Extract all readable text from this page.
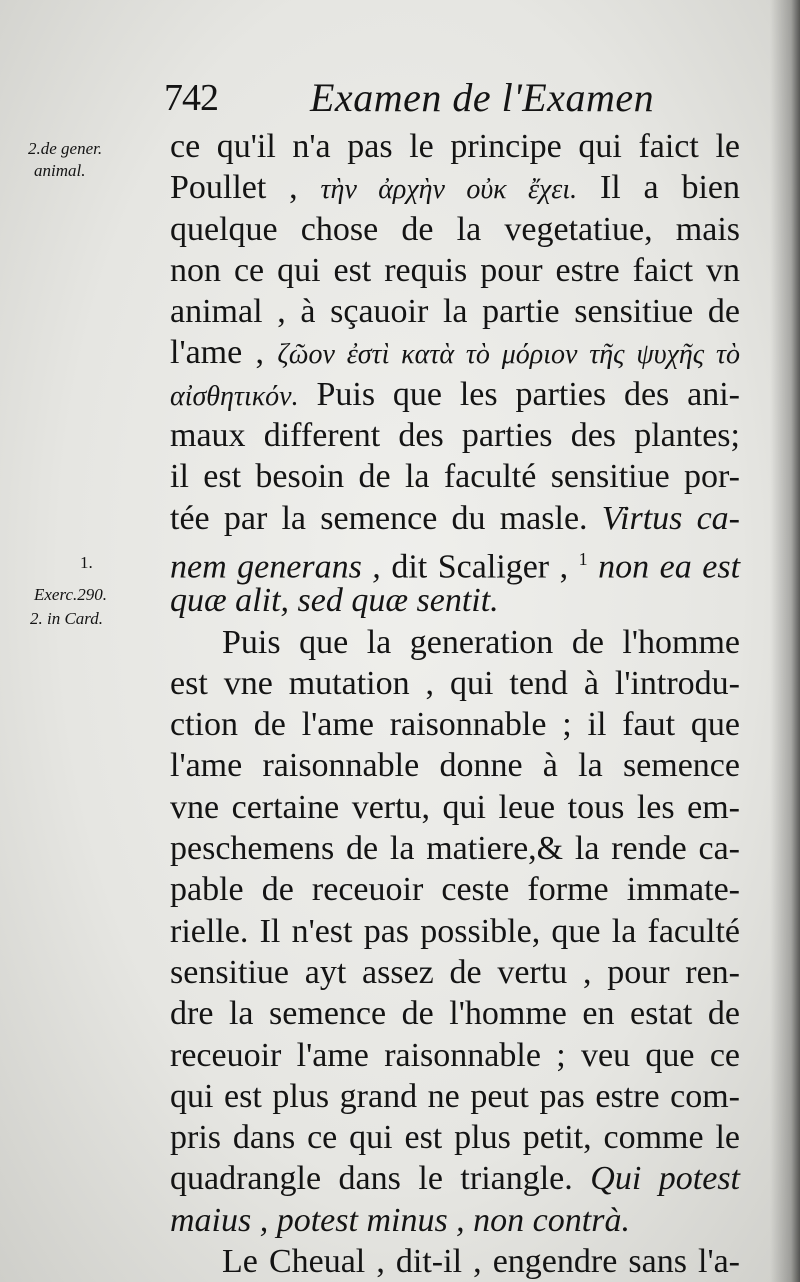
742 Examen de l'Examen
2.de gener.
animal.
1.
Exerc.290.
2. in Card.
ce qu'il n'a pas le principe qui faict le
Poullet , τὴν ἀρχὴν οὐκ ἔχει. Il a bien
quelque chose de la vegetatiue, mais
non ce qui est requis pour estre faict vn
animal , à sçauoir la partie sensitiue de
l'ame , ζῶον ἐστὶ κατὰ τὸ μόριον τῆς ψυχῆς τὸ
αἰσθητικόν. Puis que les parties des ani-
maux different des parties des plantes;
il est besoin de la faculté sensitiue por-
tée par la semence du masle. Virtus ca-
nem generans , dit Scaliger , $^1$ non ea est
quæ alit, sed quæ sentit.
Puis que la generation de l'homme
est vne mutation , qui tend à l'introdu-
ction de l'ame raisonnable ; il faut que
l'ame raisonnable donne à la semence
vne certaine vertu, qui leue tous les em-
peschemens de la matiere,& la rende ca-
pable de receuoir ceste forme immate-
rielle. Il n'est pas possible, que la faculté
sensitiue ayt assez de vertu , pour ren-
dre la semence de l'homme en estat de
receuoir l'ame raisonnable ; veu que ce
qui est plus grand ne peut pas estre com-
pris dans ce qui est plus petit, comme le
quadrangle dans le triangle. Qui potest
maius , potest minus , non contrà.
Le Cheual , dit-il , engendre sans l'a-
